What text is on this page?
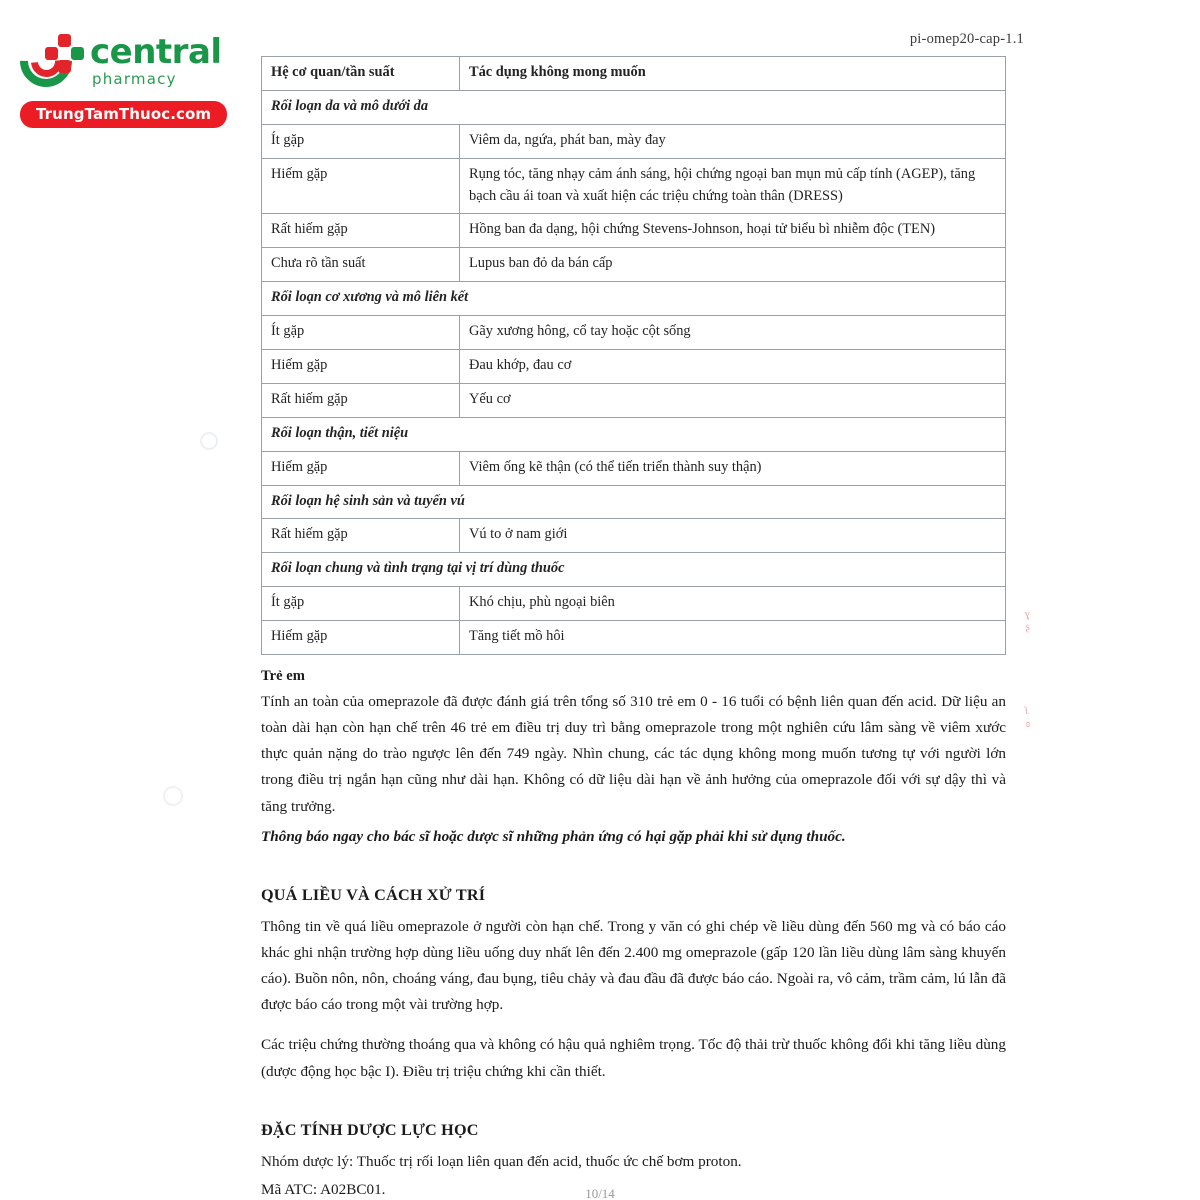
central
pharmacy
TrungTamThuoc.com
pi-omep20-cap-1.1
Hệ cơ quan/tần suất	Tác dụng không mong muốn
Rối loạn da và mô dưới da	
Ít gặp	Viêm da, ngứa, phát ban, mày đay
Hiếm gặp	Rụng tóc, tăng nhạy cảm ánh sáng, hội chứng ngoại ban mụn mủ cấp tính (AGEP), tăng bạch cầu ái toan và xuất hiện các triệu chứng toàn thân (DRESS)
Rất hiếm gặp	Hồng ban đa dạng, hội chứng Stevens-Johnson, hoại tử biểu bì nhiễm độc (TEN)
Chưa rõ tần suất	Lupus ban đỏ da bán cấp
Rối loạn cơ xương và mô liên kết	
Ít gặp	Gãy xương hông, cổ tay hoặc cột sống
Hiếm gặp	Đau khớp, đau cơ
Rất hiếm gặp	Yếu cơ
Rối loạn thận, tiết niệu	
Hiếm gặp	Viêm ống kẽ thận (có thể tiến triển thành suy thận)
Rối loạn hệ sinh sản và tuyến vú	
Rất hiếm gặp	Vú to ở nam giới
Rối loạn chung và tình trạng tại vị trí dùng thuốc	
Ít gặp	Khó chịu, phù ngoại biên
Hiếm gặp	Tăng tiết mồ hôi
Trẻ em

Tính an toàn của omeprazole đã được đánh giá trên tổng số 310 trẻ em 0 - 16 tuổi có bệnh liên quan đến acid. Dữ liệu an toàn dài hạn còn hạn chế trên 46 trẻ em điều trị duy trì bằng omeprazole trong một nghiên cứu lâm sàng về viêm xước thực quản nặng do trào ngược lên đến 749 ngày. Nhìn chung, các tác dụng không mong muốn tương tự với người lớn trong điều trị ngắn hạn cũng như dài hạn. Không có dữ liệu dài hạn về ảnh hưởng của omeprazole đối với sự dậy thì và tăng trưởng.

Thông báo ngay cho bác sĩ hoặc dược sĩ những phản ứng có hại gặp phải khi sử dụng thuốc.

QUÁ LIỀU VÀ CÁCH XỬ TRÍ

Thông tin về quá liều omeprazole ở người còn hạn chế. Trong y văn có ghi chép về liều dùng đến 560 mg và có báo cáo khác ghi nhận trường hợp dùng liều uống duy nhất lên đến 2.400 mg omeprazole (gấp 120 lần liều dùng lâm sàng khuyến cáo). Buồn nôn, nôn, choáng váng, đau bụng, tiêu chảy và đau đầu đã được báo cáo. Ngoài ra, vô cảm, trầm cảm, lú lẫn đã được báo cáo trong một vài trường hợp.

Các triệu chứng thường thoáng qua và không có hậu quả nghiêm trọng. Tốc độ thải trừ thuốc không đổi khi tăng liều dùng (dược động học bậc I). Điều trị triệu chứng khi cần thiết.

ĐẶC TÍNH DƯỢC LỰC HỌC

Nhóm dược lý: Thuốc trị rối loạn liên quan đến acid, thuốc ức chế bơm proton.

Mã ATC: A02BC01.

ɣ
ʂ
ʅ
ɞ
10/14
